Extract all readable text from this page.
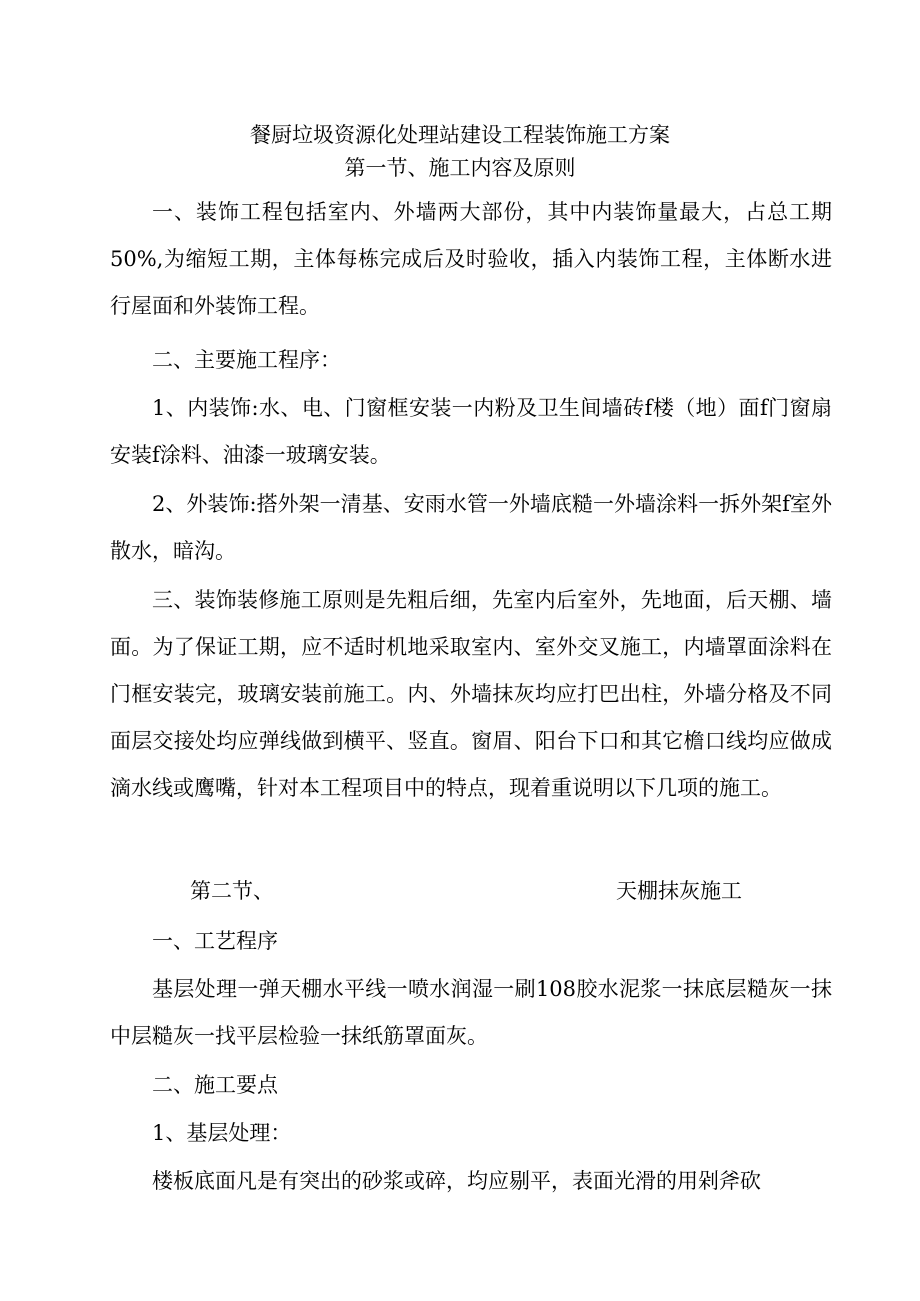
餐厨垃圾资源化处理站建设工程装饰施工方案
第一节、施工内容及原则
一、装饰工程包括室内、外墙两大部份，其中内装饰量最大，占总工期50%,为缩短工期，主体每栋完成后及时验收，插入内装饰工程，主体断水进行屋面和外装饰工程。
二、主要施工程序：
1、内装饰:水、电、门窗框安装一内粉及卫生间墙砖f楼（地）面f门窗扇安装f涂料、油漆一玻璃安装。
2、外装饰:搭外架一清基、安雨水管一外墙底糙一外墙涂料一拆外架f室外散水，暗沟。
三、装饰装修施工原则是先粗后细，先室内后室外，先地面，后天棚、墙面。为了保证工期，应不适时机地采取室内、室外交叉施工，内墙罩面涂料在门框安装完，玻璃安装前施工。内、外墙抹灰均应打巴出柱，外墙分格及不同面层交接处均应弹线做到横平、竖直。窗眉、阳台下口和其它檐口线均应做成滴水线或鹰嘴，针对本工程项目中的特点，现着重说明以下几项的施工。
第二节、	天棚抹灰施工
一、工艺程序
基层处理一弹天棚水平线一喷水润湿一刷108胶水泥浆一抹底层糙灰一抹中层糙灰一找平层检验一抹纸筋罩面灰。
二、施工要点
1、基层处理：
楼板底面凡是有突出的砂浆或碎，均应剔平，表面光滑的用剁斧砍
